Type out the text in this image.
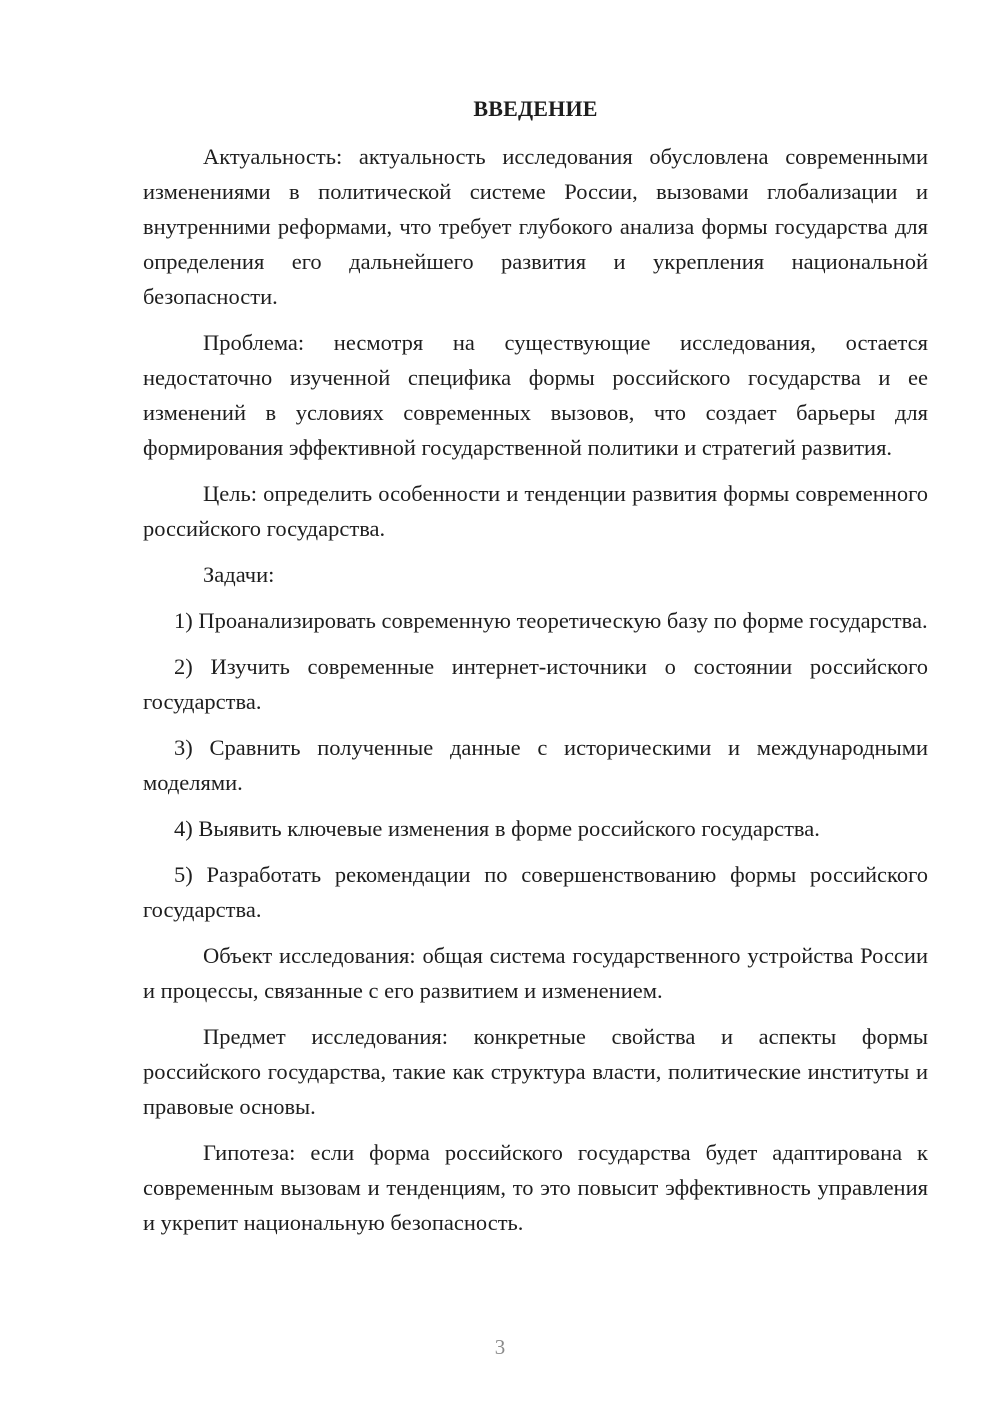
ВВЕДЕНИЕ

Актуальность: актуальность исследования обусловлена современными изменениями в политической системе России, вызовами глобализации и внутренними реформами, что требует глубокого анализа формы государства для определения его дальнейшего развития и укрепления национальной безопасности.

Проблема: несмотря на существующие исследования, остается недостаточно изученной специфика формы российского государства и ее изменений в условиях современных вызовов, что создает барьеры для формирования эффективной государственной политики и стратегий развития.

Цель: определить особенности и тенденции развития формы современного российского государства.

Задачи:

1) Проанализировать современную теоретическую базу по форме государства.

2) Изучить современные интернет-источники о состоянии российского государства.

3) Сравнить полученные данные с историческими и международными моделями.

4) Выявить ключевые изменения в форме российского государства.

5) Разработать рекомендации по совершенствованию формы российского государства.

Объект исследования: общая система государственного устройства России и процессы, связанные с его развитием и изменением.

Предмет исследования: конкретные свойства и аспекты формы российского государства, такие как структура власти, политические институты и правовые основы.

Гипотеза: если форма российского государства будет адаптирована к современным вызовам и тенденциям, то это повысит эффективность управления и укрепит национальную безопасность.

3
